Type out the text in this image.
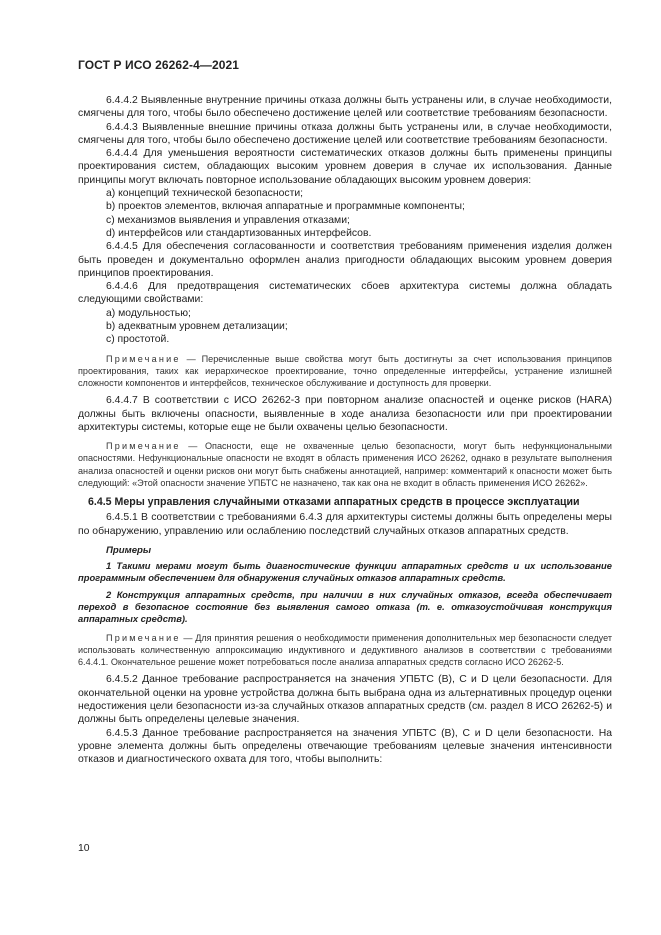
ГОСТ Р ИСО 26262-4—2021

6.4.4.2 Выявленные внутренние причины отказа должны быть устранены или, в случае необходимости, смягчены для того, чтобы было обеспечено достижение целей или соответствие требованиям безопасности.

6.4.4.3 Выявленные внешние причины отказа должны быть устранены или, в случае необходимости, смягчены для того, чтобы было обеспечено достижение целей или соответствие требованиям безопасности.

6.4.4.4 Для уменьшения вероятности систематических отказов должны быть применены принципы проектирования систем, обладающих высоким уровнем доверия в случае их использования. Данные принципы могут включать повторное использование обладающих высоким уровнем доверия:

a) концепций технической безопасности;

b) проектов элементов, включая аппаратные и программные компоненты;

c) механизмов выявления и управления отказами;

d) интерфейсов или стандартизованных интерфейсов.

6.4.4.5 Для обеспечения согласованности и соответствия требованиям применения изделия должен быть проведен и документально оформлен анализ пригодности обладающих высоким уровнем доверия принципов проектирования.

6.4.4.6 Для предотвращения систематических сбоев архитектура системы должна обладать следующими свойствами:

a) модульностью;

b) адекватным уровнем детализации;

c) простотой.

Примечание — Перечисленные выше свойства могут быть достигнуты за счет использования принципов проектирования, таких как иерархическое проектирование, точно определенные интерфейсы, устранение излишней сложности компонентов и интерфейсов, техническое обслуживание и доступность для проверки.

6.4.4.7 В соответствии с ИСО 26262-3 при повторном анализе опасностей и оценке рисков (HARA) должны быть включены опасности, выявленные в ходе анализа безопасности или при проектировании архитектуры системы, которые еще не были охвачены целью безопасности.

Примечание — Опасности, еще не охваченные целью безопасности, могут быть нефункциональными опасностями. Нефункциональные опасности не входят в область применения ИСО 26262, однако в результате выполнения анализа опасностей и оценки рисков они могут быть снабжены аннотацией, например: комментарий к опасности может быть следующий: «Этой опасности значение УПБТС не назначено, так как она не входит в область применения ИСО 26262».

6.4.5 Меры управления случайными отказами аппаратных средств в процессе эксплуатации

6.4.5.1 В соответствии с требованиями 6.4.3 для архитектуры системы должны быть определены меры по обнаружению, управлению или ослаблению последствий случайных отказов аппаратных средств.

Примеры

1 Такими мерами могут быть диагностические функции аппаратных средств и их использование программным обеспечением для обнаружения случайных отказов аппаратных средств.

2 Конструкция аппаратных средств, при наличии в них случайных отказов, всегда обеспечивает переход в безопасное состояние без выявления самого отказа (т. е. отказоустойчивая конструкция аппаратных средств).

Примечание — Для принятия решения о необходимости применения дополнительных мер безопасности следует использовать количественную аппроксимацию индуктивного и дедуктивного анализов в соответствии с требованиями 6.4.4.1. Окончательное решение может потребоваться после анализа аппаратных средств согласно ИСО 26262-5.

6.4.5.2 Данное требование распространяется на значения УПБТС (В), С и D цели безопасности. Для окончательной оценки на уровне устройства должна быть выбрана одна из альтернативных процедур оценки недостижения цели безопасности из-за случайных отказов аппаратных средств (см. раздел 8 ИСО 26262-5) и должны быть определены целевые значения.

6.4.5.3 Данное требование распространяется на значения УПБТС (В), С и D цели безопасности. На уровне элемента должны быть определены отвечающие требованиям целевые значения интенсивности отказов и диагностического охвата для того, чтобы выполнить:

10
